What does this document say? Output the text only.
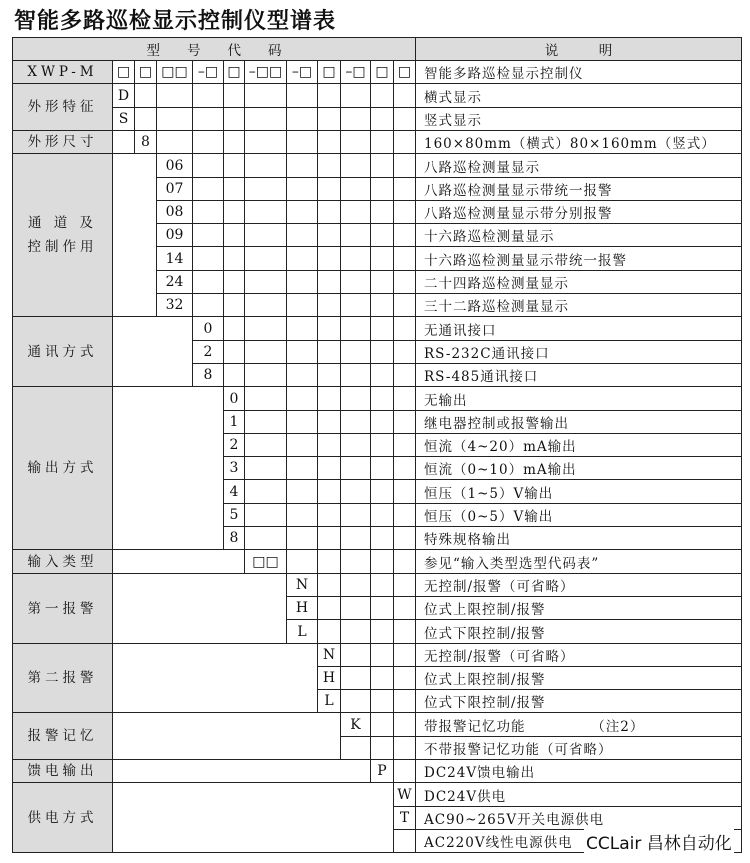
智能多路巡检显示控制仪型谱表
型　　号　　代　　码	说　　　明
XWP-M	□ □ □□ –□ □ –□□ –□ □ –□ □ □ 智能多路巡检显示控制仪
外形特征
D	横式显示
S	竖式显示
外形尺寸	8	160×80mm（横式）80×160mm（竖式）
通 道 及
控制作用
06	八路巡检测量显示
07	八路巡检测量显示带统一报警
08	八路巡检测量显示带分别报警
09	十六路巡检测量显示
14	十六路巡检测量显示带统一报警
24	二十四路巡检测量显示
32	三十二路巡检测量显示
通讯方式
0	无通讯接口
2	RS-232C通讯接口
8	RS-485通讯接口
输出方式
0	无输出
1	继电器控制或报警输出
2	恒流（4~20）mA输出
3	恒流（0~10）mA输出
4	恒压（1~5）V输出
5	恒压（0~5）V输出
8	特殊规格输出
输入类型	□□	参见“输入类型选型代码表”
第一报警
N	无控制/报警（可省略）
H	位式上限控制/报警
L	位式下限控制/报警
第二报警
N	无控制/报警（可省略）
H	位式上限控制/报警
L	位式下限控制/报警
报警记忆
K	带报警记忆功能　　　　　（注2）
不带报警记忆功能（可省略）
馈电输出	P	DC24V馈电输出
供电方式
W DC24V供电
T	AC90~265V开关电源供电
AC220V线性电源供电 CCLair 昌林自动化
